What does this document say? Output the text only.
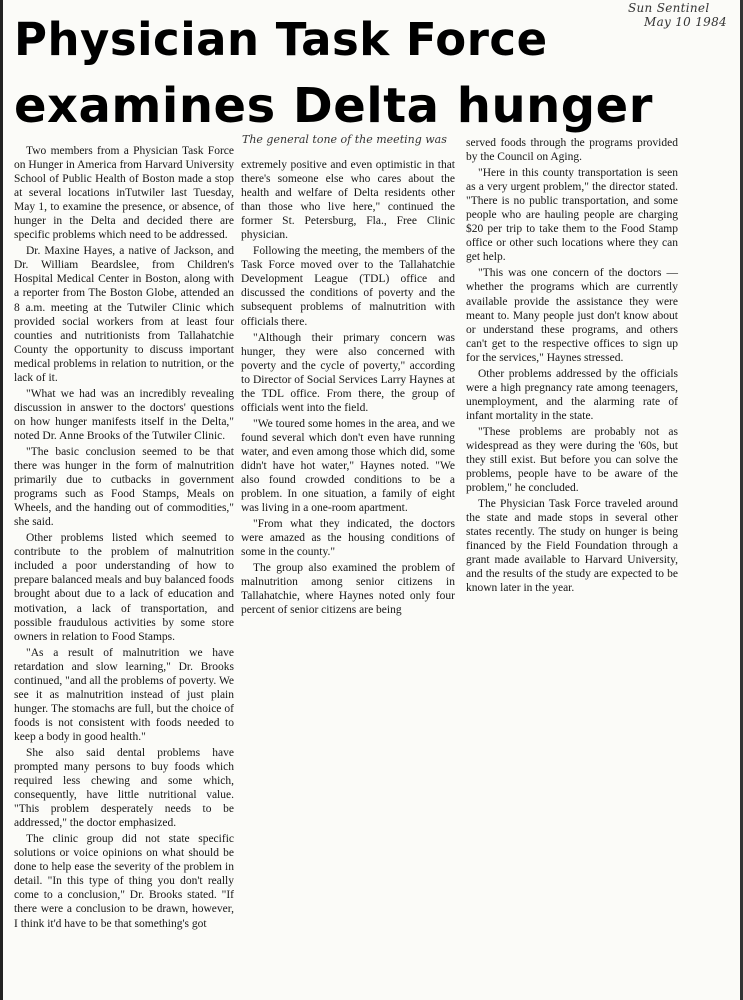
Sun Sentinel
May 10 1984
Physician Task Force
examines Delta hunger

Two members from a Physician Task Force on Hunger in America from Harvard University School of Public Health of Boston made a stop at several locations inTutwiler last Tuesday, May 1, to examine the presence, or absence, of hunger in the Delta and decided there are specific problems which need to be addressed.

Dr. Maxine Hayes, a native of Jackson, and Dr. William Beardslee, from Children's Hospital Medical Center in Boston, along with a reporter from The Boston Globe, attended an 8 a.m. meeting at the Tutwiler Clinic which provided social workers from at least four counties and nutritionists from Tallahatchie County the opportunity to discuss important medical problems in relation to nutrition, or the lack of it.

"What we had was an incredibly revealing discussion in answer to the doctors' questions on how hunger manifests itself in the Delta," noted Dr. Anne Brooks of the Tutwiler Clinic.

"The basic conclusion seemed to be that there was hunger in the form of malnutrition primarily due to cutbacks in government programs such as Food Stamps, Meals on Wheels, and the handing out of commodities," she said.

Other problems listed which seemed to contribute to the problem of malnutrition included a poor understanding of how to prepare balanced meals and buy balanced foods brought about due to a lack of education and motivation, a lack of transportation, and possible fraudulous activities by some store owners in relation to Food Stamps.

"As a result of malnutrition we have retardation and slow learning," Dr. Brooks continued, "and all the problems of poverty. We see it as malnutrition instead of just plain hunger. The stomachs are full, but the choice of foods is not consistent with foods needed to keep a body in good health."

She also said dental problems have prompted many persons to buy foods which required less chewing and some which, consequently, have little nutritional value. "This problem desperately needs to be addressed," the doctor emphasized.

The clinic group did not state specific solutions or voice opinions on what should be done to help ease the severity of the problem in detail. "In this type of thing you don't really come to a conclusion," Dr. Brooks stated. "If there were a conclusion to be drawn, however, I think it'd have to be that something's got

The general tone of the meeting was

extremely positive and even optimistic in that there's someone else who cares about the health and welfare of Delta residents other than those who live here," continued the former St. Petersburg, Fla., Free Clinic physician.

Following the meeting, the members of the Task Force moved over to the Tallahatchie Development League (TDL) office and discussed the conditions of poverty and the subsequent problems of malnutrition with officials there.

"Although their primary concern was hunger, they were also concerned with poverty and the cycle of poverty," according to Director of Social Services Larry Haynes at the TDL office. From there, the group of officials went into the field.

"We toured some homes in the area, and we found several which don't even have running water, and even among those which did, some didn't have hot water," Haynes noted. "We also found crowded conditions to be a problem. In one situation, a family of eight was living in a one-room apartment.

"From what they indicated, the doctors were amazed as the housing conditions of some in the county."

The group also examined the problem of malnutrition among senior citizens in Tallahatchie, where Haynes noted only four percent of senior citizens are being

served foods through the programs provided by the Council on Aging.

"Here in this county transportation is seen as a very urgent problem," the director stated. "There is no public transportation, and some people who are hauling people are charging $20 per trip to take them to the Food Stamp office or other such locations where they can get help.

"This was one concern of the doctors — whether the programs which are currently available provide the assistance they were meant to. Many people just don't know about or understand these programs, and others can't get to the respective offices to sign up for the services," Haynes stressed.

Other problems addressed by the officials were a high pregnancy rate among teenagers, unemployment, and the alarming rate of infant mortality in the state.

"These problems are probably not as widespread as they were during the '60s, but they still exist. But before you can solve the problems, people have to be aware of the problem," he concluded.

The Physician Task Force traveled around the state and made stops in several other states recently. The study on hunger is being financed by the Field Foundation through a grant made available to Harvard University, and the results of the study are expected to be known later in the year.
